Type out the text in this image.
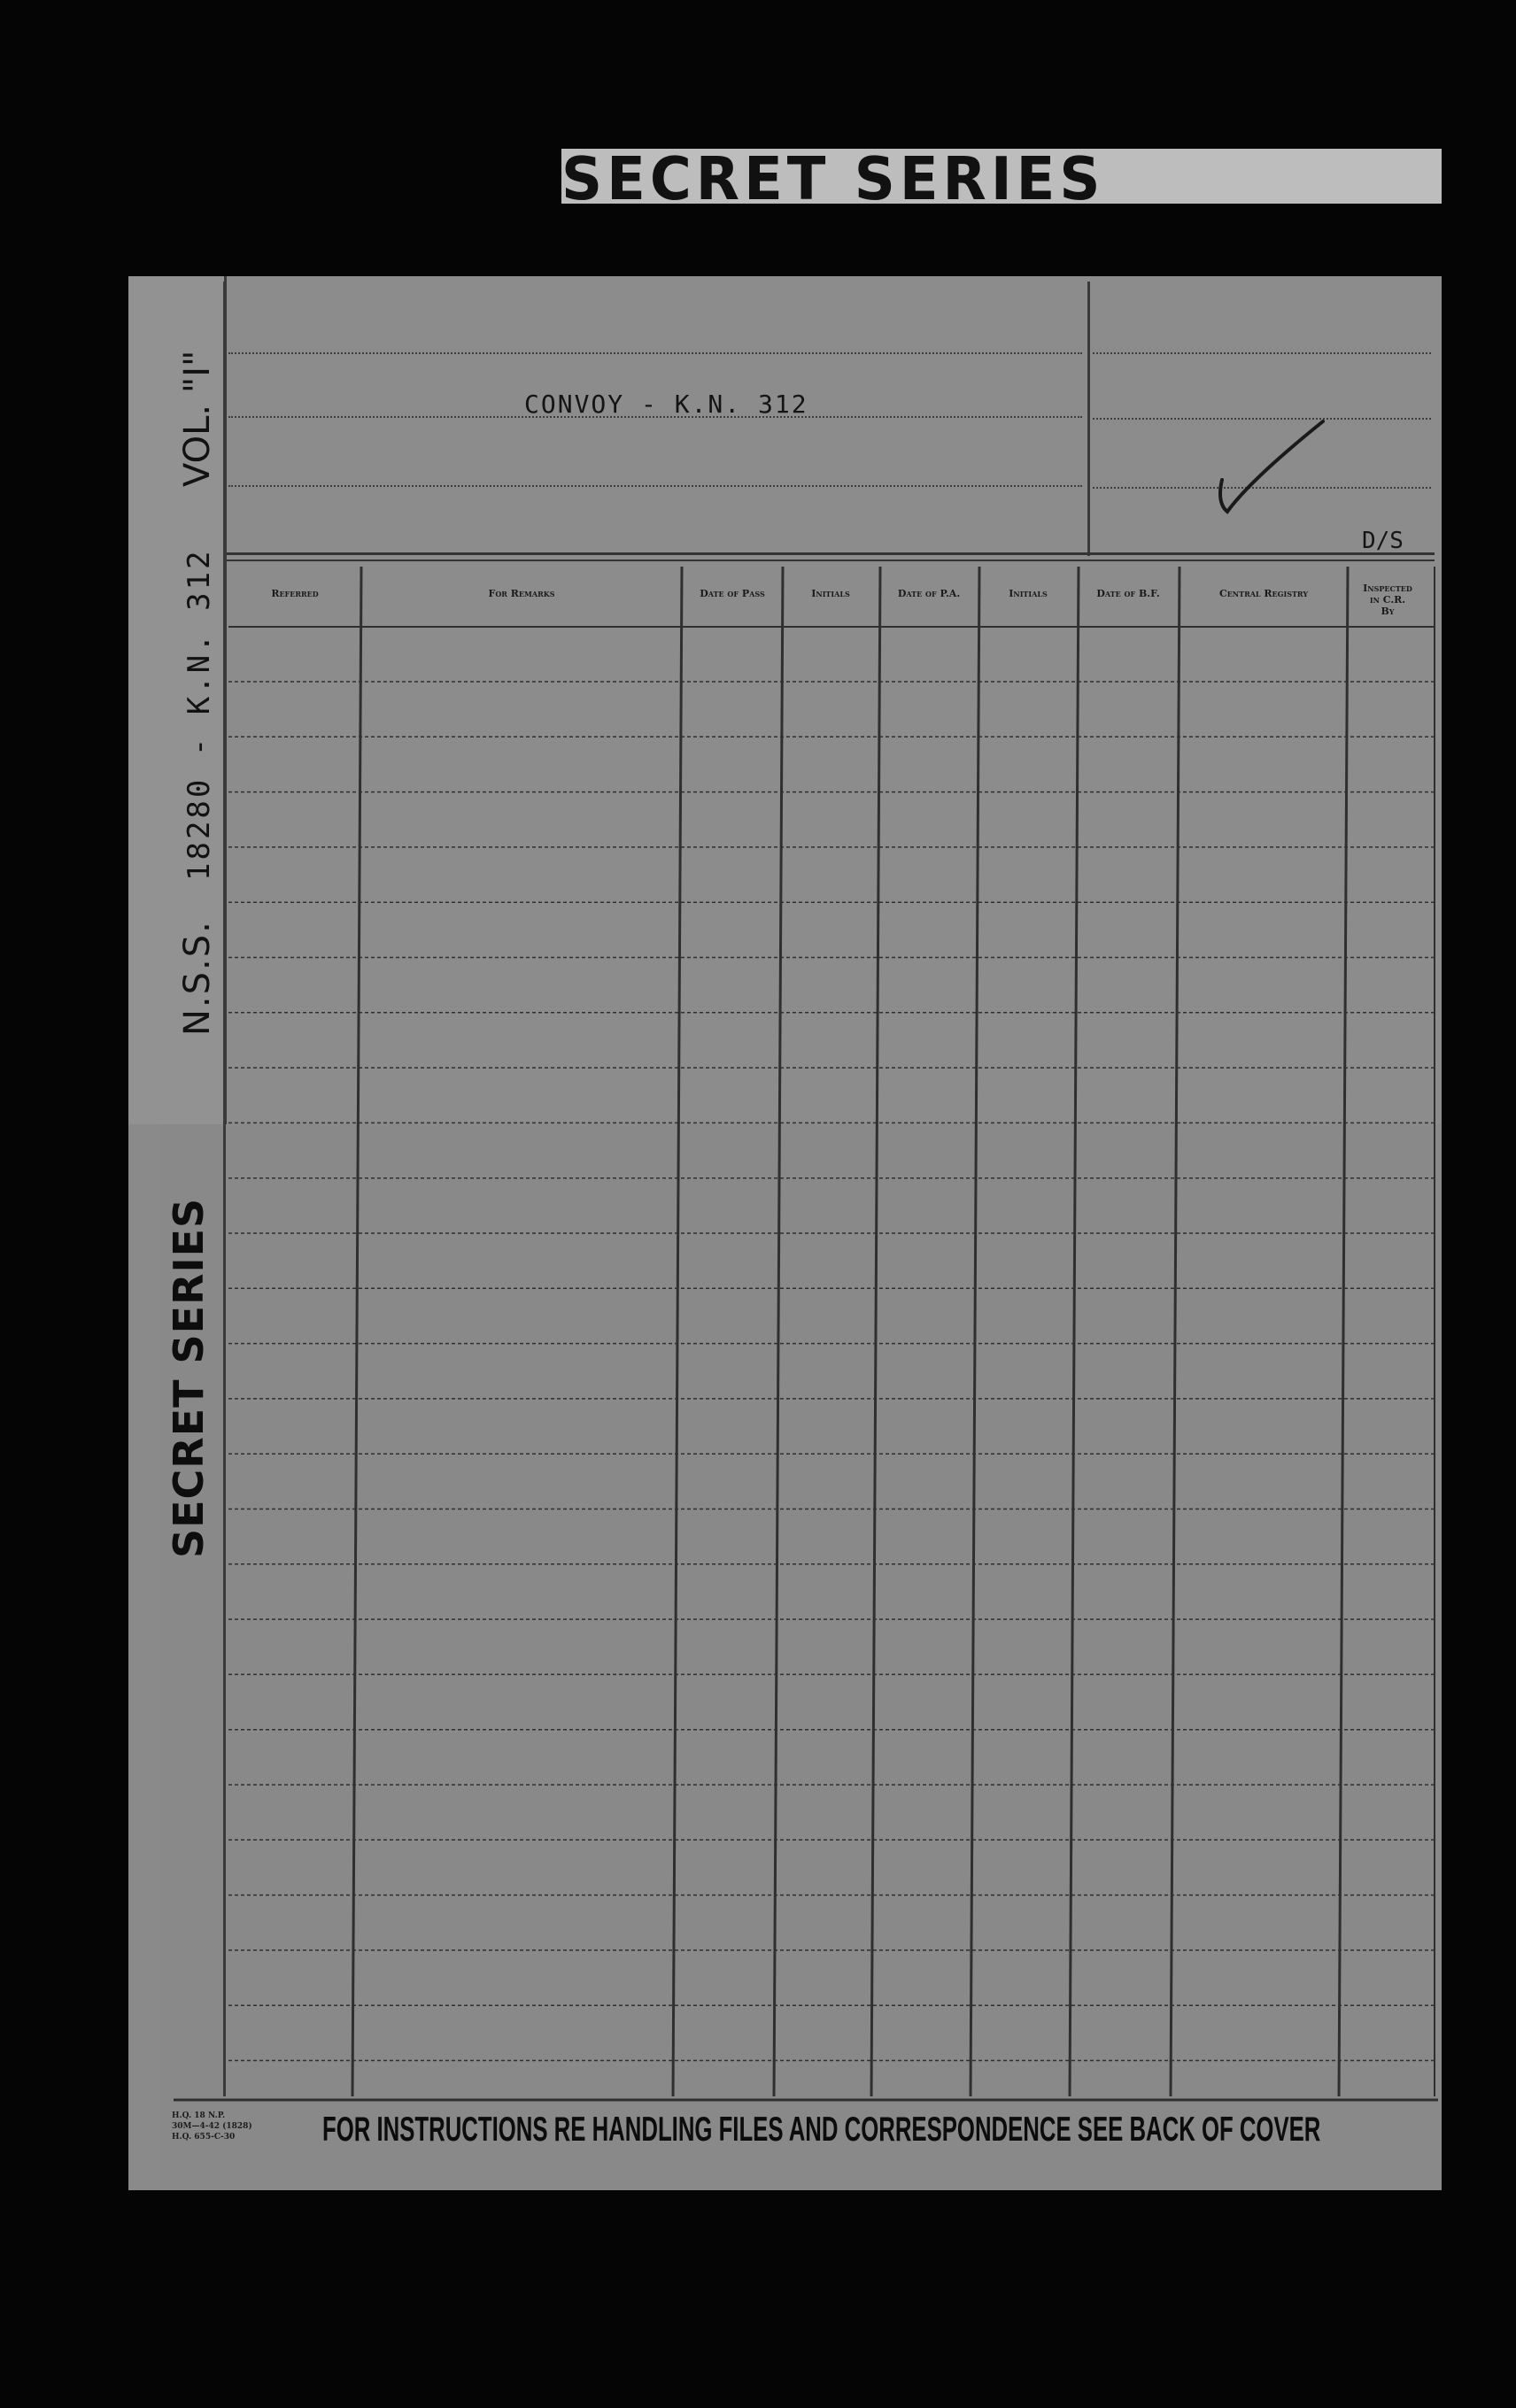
SECRET SERIES
VOL. "I"
N.S.S.   18280 - K.N. 312
SECRET SERIES
CONVOY - K.N. 312
D/S
Referred	For Remarks	Date of Pass	Initials	Date of P.A.	Initials	Date of B.F.	Central Registry	Inspected
in C.R.
By
H.Q. 18 N.P.
30M—4-42 (1828)
H.Q. 655-C-30	FOR INSTRUCTIONS RE HANDLING FILES AND CORRESPONDENCE SEE BACK OF COVER
